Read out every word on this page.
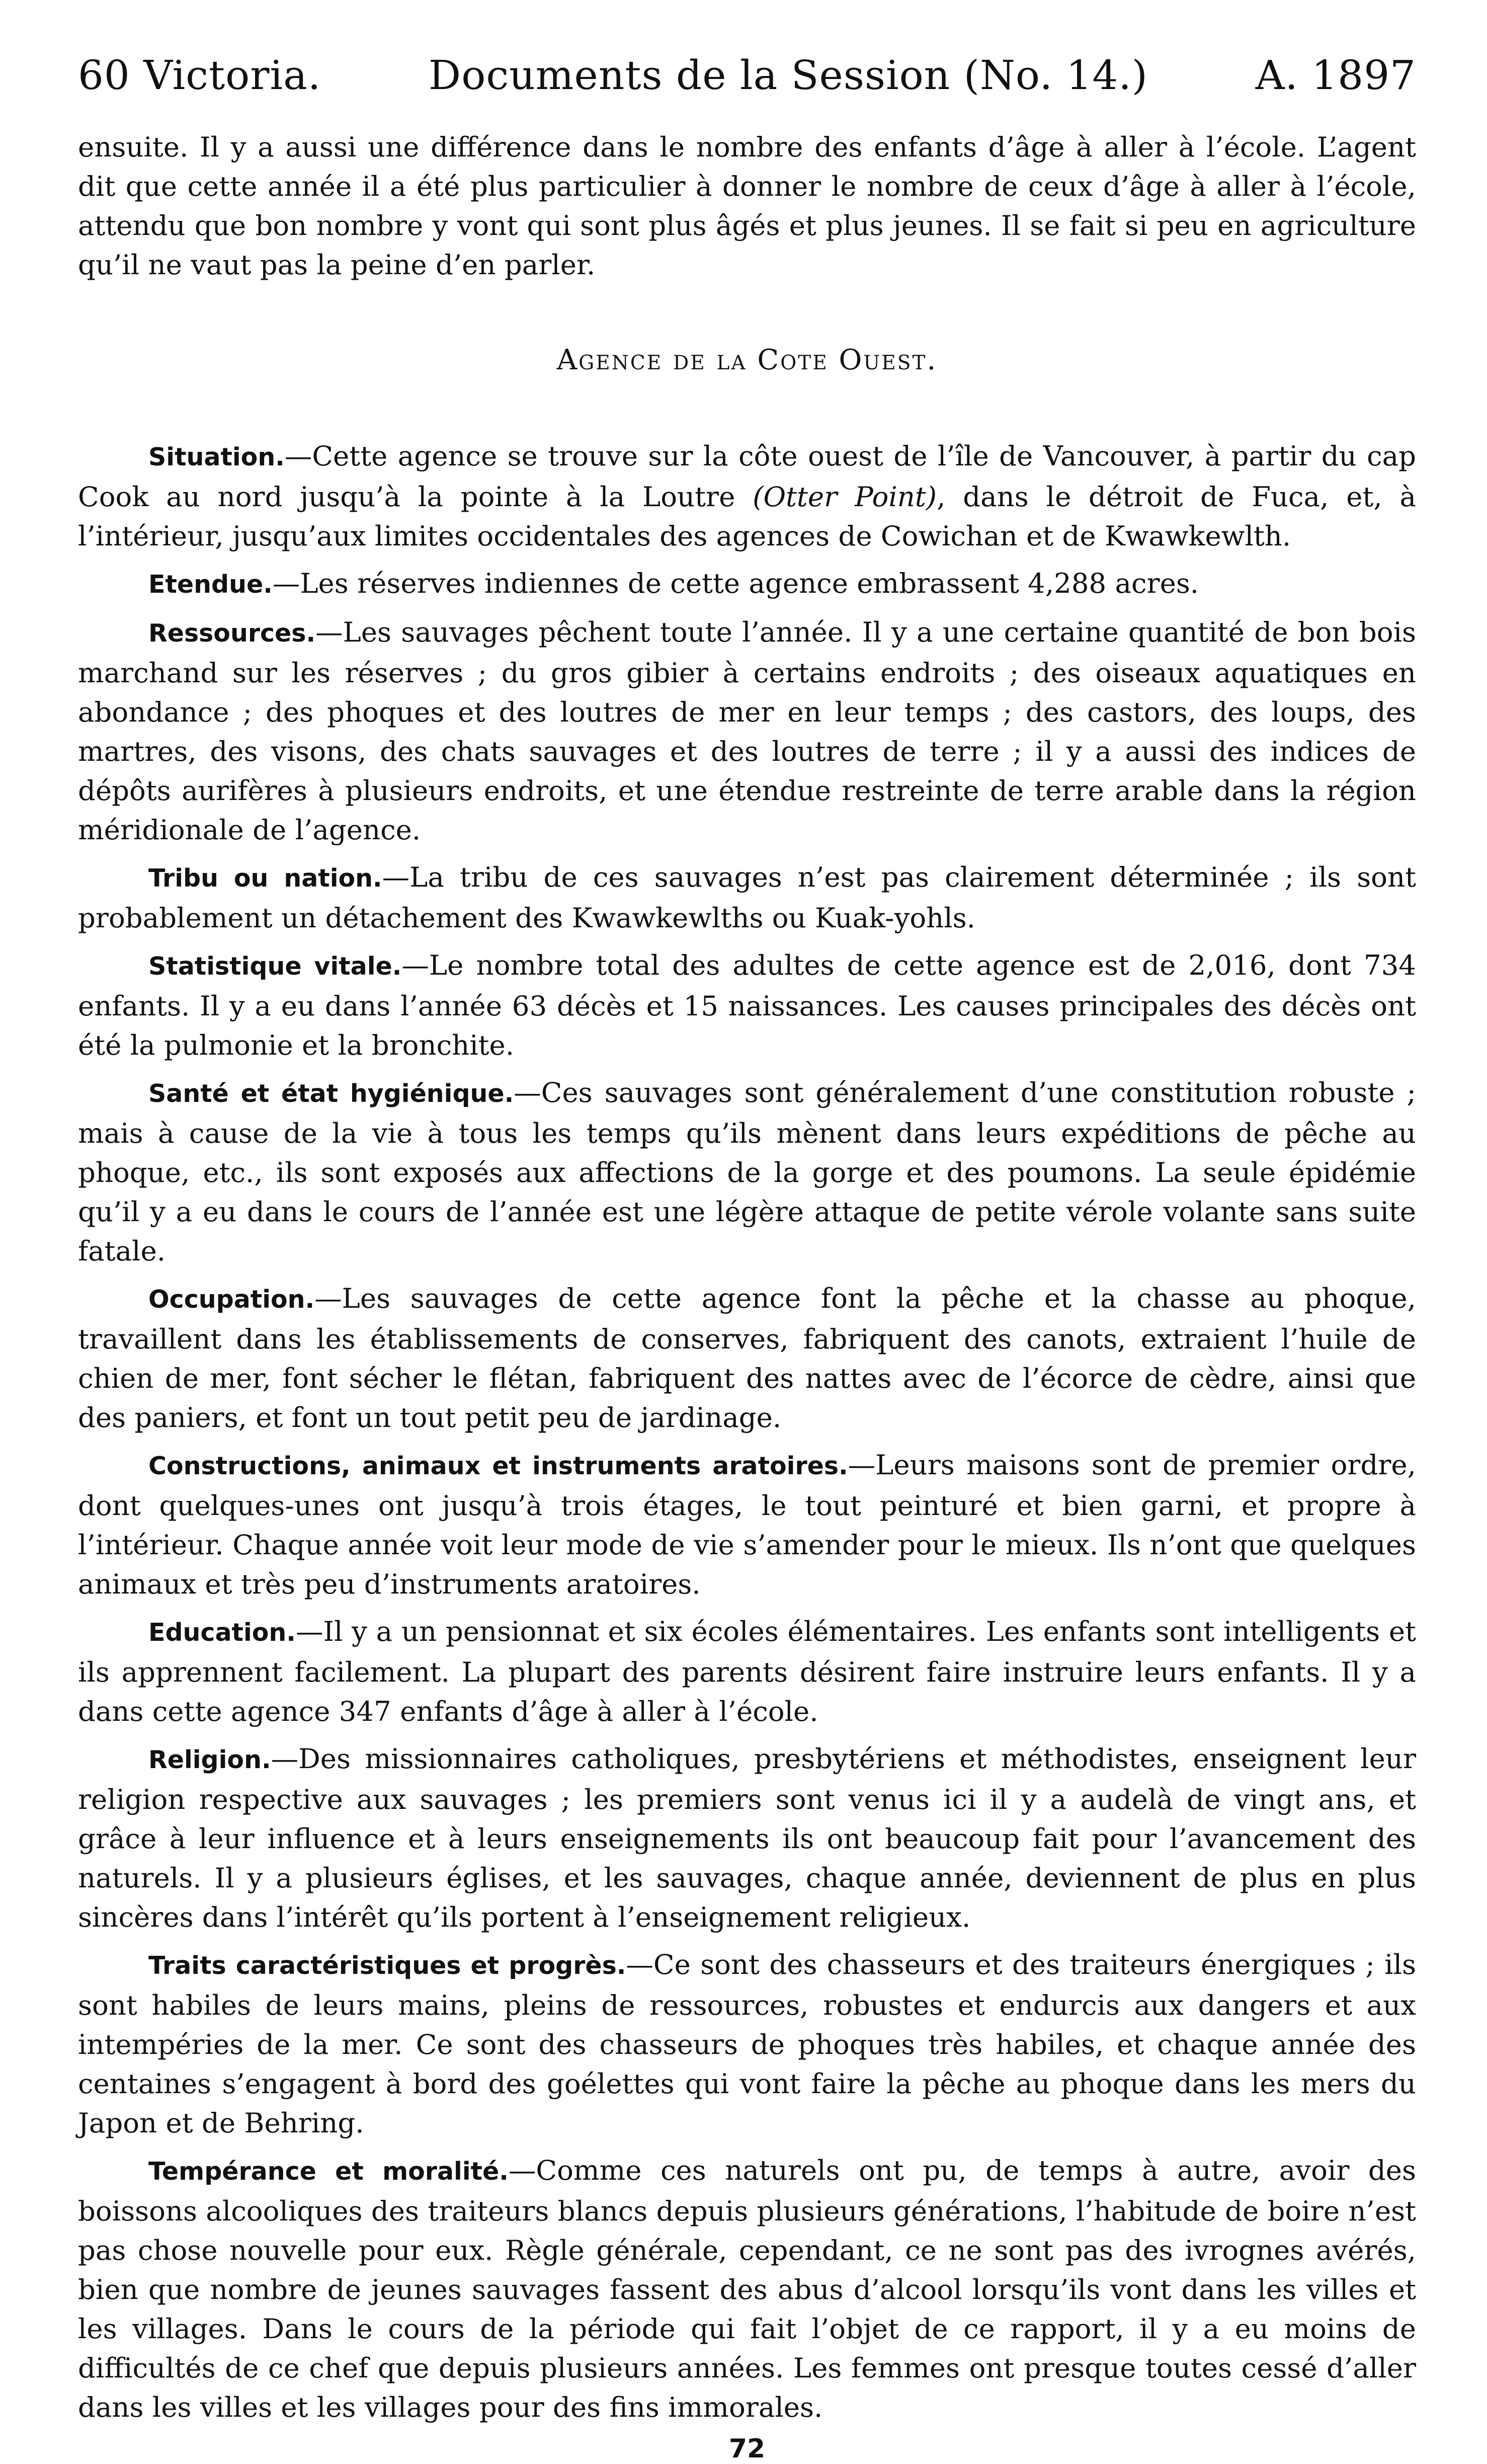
60 Victoria.	Documents de la Session (No. 14.)	A. 1897

ensuite. Il y a aussi une différence dans le nombre des enfants d’âge à aller à l’école. L’agent dit que cette année il a été plus particulier à donner le nombre de ceux d’âge à aller à l’école, attendu que bon nombre y vont qui sont plus âgés et plus jeunes. Il se fait si peu en agriculture qu’il ne vaut pas la peine d’en parler.

Agence de la Cote Ouest.

Situation.—Cette agence se trouve sur la côte ouest de l’île de Vancouver, à partir du cap Cook au nord jusqu’à la pointe à la Loutre (Otter Point), dans le détroit de Fuca, et, à l’intérieur, jusqu’aux limites occidentales des agences de Cowichan et de Kwawkewlth.

Etendue.—Les réserves indiennes de cette agence embrassent 4,288 acres.

Ressources.—Les sauvages pêchent toute l’année. Il y a une certaine quantité de bon bois marchand sur les réserves ; du gros gibier à certains endroits ; des oiseaux aquatiques en abondance ; des phoques et des loutres de mer en leur temps ; des castors, des loups, des martres, des visons, des chats sauvages et des loutres de terre ; il y a aussi des indices de dépôts aurifères à plusieurs endroits, et une étendue restreinte de terre arable dans la région méridionale de l’agence.

Tribu ou nation.—La tribu de ces sauvages n’est pas clairement déterminée ; ils sont probablement un détachement des Kwawkewlths ou Kuak-yohls.

Statistique vitale.—Le nombre total des adultes de cette agence est de 2,016, dont 734 enfants. Il y a eu dans l’année 63 décès et 15 naissances. Les causes principales des décès ont été la pulmonie et la bronchite.

Santé et état hygiénique.—Ces sauvages sont généralement d’une constitution robuste ; mais à cause de la vie à tous les temps qu’ils mènent dans leurs expéditions de pêche au phoque, etc., ils sont exposés aux affections de la gorge et des poumons. La seule épidémie qu’il y a eu dans le cours de l’année est une légère attaque de petite vérole volante sans suite fatale.

Occupation.—Les sauvages de cette agence font la pêche et la chasse au phoque, travaillent dans les établissements de conserves, fabriquent des canots, extraient l’huile de chien de mer, font sécher le flétan, fabriquent des nattes avec de l’écorce de cèdre, ainsi que des paniers, et font un tout petit peu de jardinage.

Constructions, animaux et instruments aratoires.—Leurs maisons sont de premier ordre, dont quelques-unes ont jusqu’à trois étages, le tout peinturé et bien garni, et propre à l’intérieur. Chaque année voit leur mode de vie s’amender pour le mieux. Ils n’ont que quelques animaux et très peu d’instruments aratoires.

Education.—Il y a un pensionnat et six écoles élémentaires. Les enfants sont intelligents et ils apprennent facilement. La plupart des parents désirent faire instruire leurs enfants. Il y a dans cette agence 347 enfants d’âge à aller à l’école.

Religion.—Des missionnaires catholiques, presbytériens et méthodistes, enseignent leur religion respective aux sauvages ; les premiers sont venus ici il y a audelà de vingt ans, et grâce à leur influence et à leurs enseignements ils ont beaucoup fait pour l’avancement des naturels. Il y a plusieurs églises, et les sauvages, chaque année, deviennent de plus en plus sincères dans l’intérêt qu’ils portent à l’enseignement religieux.

Traits caractéristiques et progrès.—Ce sont des chasseurs et des traiteurs énergiques ; ils sont habiles de leurs mains, pleins de ressources, robustes et endurcis aux dangers et aux intempéries de la mer. Ce sont des chasseurs de phoques très habiles, et chaque année des centaines s’engagent à bord des goélettes qui vont faire la pêche au phoque dans les mers du Japon et de Behring.

Tempérance et moralité.—Comme ces naturels ont pu, de temps à autre, avoir des boissons alcooliques des traiteurs blancs depuis plusieurs générations, l’habitude de boire n’est pas chose nouvelle pour eux. Règle générale, cependant, ce ne sont pas des ivrognes avérés, bien que nombre de jeunes sauvages fassent des abus d’alcool lorsqu’ils vont dans les villes et les villages. Dans le cours de la période qui fait l’objet de ce rapport, il y a eu moins de difficultés de ce chef que depuis plusieurs années. Les femmes ont presque toutes cessé d’aller dans les villes et les villages pour des fins immorales.

72
